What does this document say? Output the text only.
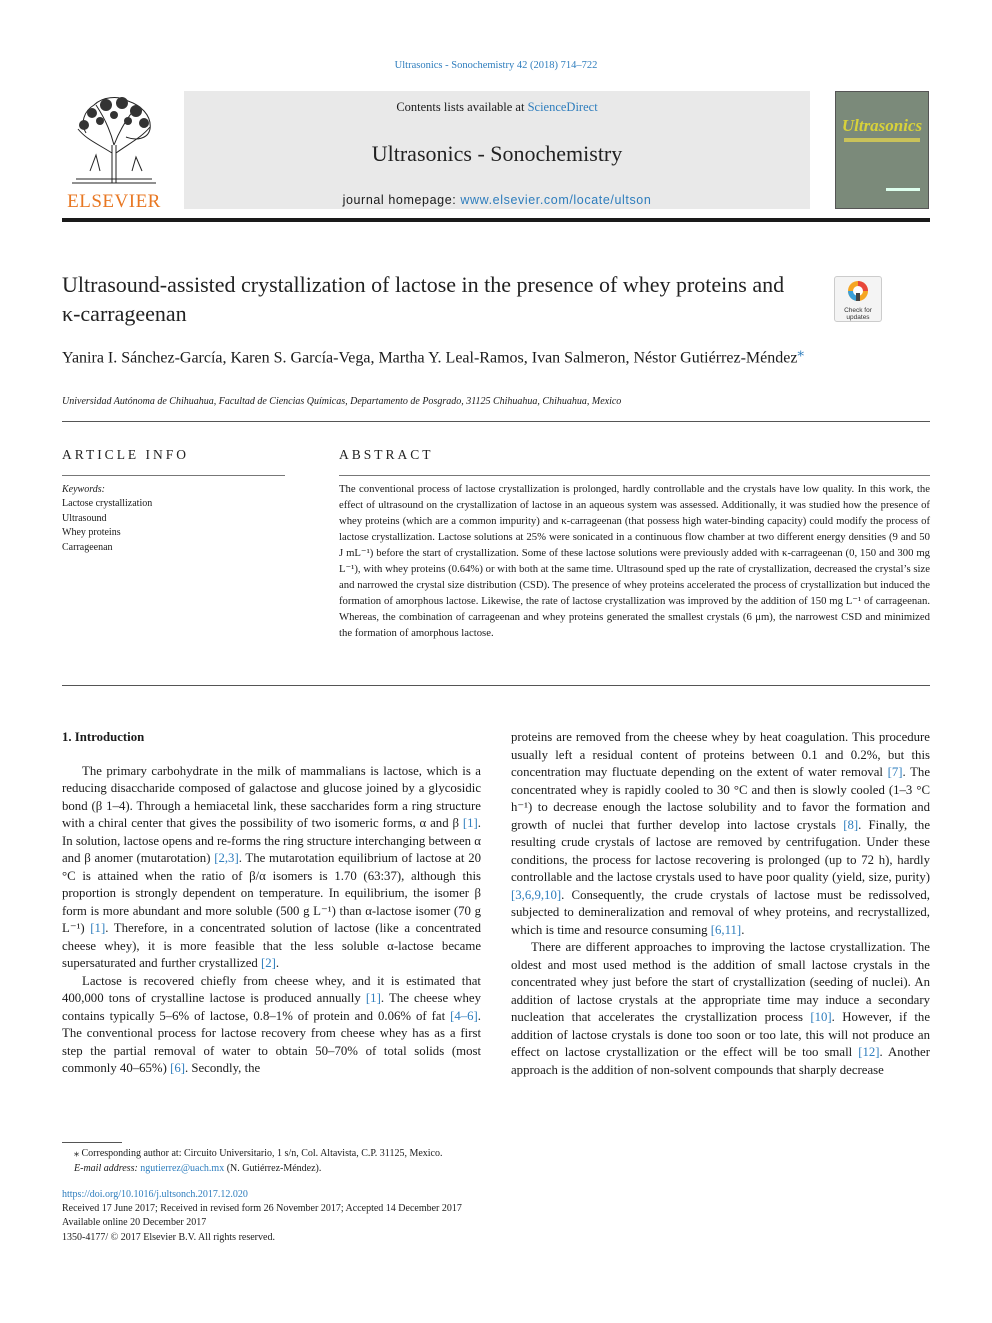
Ultrasonics - Sonochemistry 42 (2018) 714–722
ELSEVIER
Contents lists available at ScienceDirect
Ultrasonics - Sonochemistry
journal homepage: www.elsevier.com/locate/ultson
Ultrasonics
Ultrasound-assisted crystallization of lactose in the presence of whey proteins and κ-carrageenan	Check for updates
Yanira I. Sánchez-García, Karen S. García-Vega, Martha Y. Leal-Ramos, Ivan Salmeron, Néstor Gutiérrez-Méndez⁎
Universidad Autónoma de Chihuahua, Facultad de Ciencias Químicas, Departamento de Posgrado, 31125 Chihuahua, Chihuahua, Mexico
ARTICLE INFO
Keywords:
Lactose crystallization
Ultrasound
Whey proteins
Carrageenan
ABSTRACT
The conventional process of lactose crystallization is prolonged, hardly controllable and the crystals have low quality. In this work, the effect of ultrasound on the crystallization of lactose in an aqueous system was assessed. Additionally, it was studied how the presence of whey proteins (which are a common impurity) and κ-carrageenan (that possess high water-binding capacity) could modify the process of lactose crystallization. Lactose solutions at 25% were sonicated in a continuous flow chamber at two different energy densities (9 and 50 J mL⁻¹) before the start of crystallization. Some of these lactose solutions were previously added with κ-carrageenan (0, 150 and 300 mg L⁻¹), with whey proteins (0.64%) or with both at the same time. Ultrasound sped up the rate of crystallization, decreased the crystal’s size and narrowed the crystal size distribution (CSD). The presence of whey proteins accelerated the process of crystallization but induced the formation of amorphous lactose. Likewise, the rate of lactose crystallization was improved by the addition of 150 mg L⁻¹ of carrageenan. Whereas, the combination of carrageenan and whey proteins generated the smallest crystals (6 μm), the narrowest CSD and minimized the formation of amorphous lactose.
1. Introduction

The primary carbohydrate in the milk of mammalians is lactose, which is a reducing disaccharide composed of galactose and glucose joined by a glycosidic bond (β 1–4). Through a hemiacetal link, these saccharides form a ring structure with a chiral center that gives the possibility of two isomeric forms, α and β [1]. In solution, lactose opens and re-forms the ring structure interchanging between α and β anomer (mutarotation) [2,3]. The mutarotation equilibrium of lactose at 20 °C is attained when the ratio of β/α isomers is 1.70 (63:37), although this proportion is strongly dependent on temperature. In equilibrium, the isomer β form is more abundant and more soluble (500 g L⁻¹) than α-lactose isomer (70 g L⁻¹) [1]. Therefore, in a concentrated solution of lactose (like a concentrated cheese whey), it is more feasible that the less soluble α-lactose became supersaturated and further crystallized [2].

Lactose is recovered chiefly from cheese whey, and it is estimated that 400,000 tons of crystalline lactose is produced annually [1]. The cheese whey contains typically 5–6% of lactose, 0.8–1% of protein and 0.06% of fat [4–6]. The conventional process for lactose recovery from cheese whey has as a first step the partial removal of water to obtain 50–70% of total solids (most commonly 40–65%) [6]. Secondly, the

proteins are removed from the cheese whey by heat coagulation. This procedure usually left a residual content of proteins between 0.1 and 0.2%, but this concentration may fluctuate depending on the extent of water removal [7]. The concentrated whey is rapidly cooled to 30 °C and then is slowly cooled (1–3 °C h⁻¹) to decrease enough the lactose solubility and to favor the formation and growth of nuclei that further develop into lactose crystals [8]. Finally, the resulting crude crystals of lactose are removed by centrifugation. Under these conditions, the process for lactose recovering is prolonged (up to 72 h), hardly controllable and the lactose crystals used to have poor quality (yield, size, purity) [3,6,9,10]. Consequently, the crude crystals of lactose must be redissolved, subjected to demineralization and removal of whey proteins, and recrystallized, which is time and resource consuming [6,11].

There are different approaches to improving the lactose crystallization. The oldest and most used method is the addition of small lactose crystals in the concentrated whey just before the start of crystallization (seeding of nuclei). An addition of lactose crystals at the appropriate time may induce a secondary nucleation that accelerates the crystallization process [10]. However, if the addition of lactose crystals is done too soon or too late, this will not produce an effect on lactose crystallization or the effect will be too small [12]. Another approach is the addition of non-solvent compounds that sharply decrease

⁎ Corresponding author at: Circuito Universitario, 1 s/n, Col. Altavista, C.P. 31125, Mexico.
E-mail address: ngutierrez@uach.mx (N. Gutiérrez-Méndez).
https://doi.org/10.1016/j.ultsonch.2017.12.020
Received 17 June 2017; Received in revised form 26 November 2017; Accepted 14 December 2017
Available online 20 December 2017
1350-4177/ © 2017 Elsevier B.V. All rights reserved.
